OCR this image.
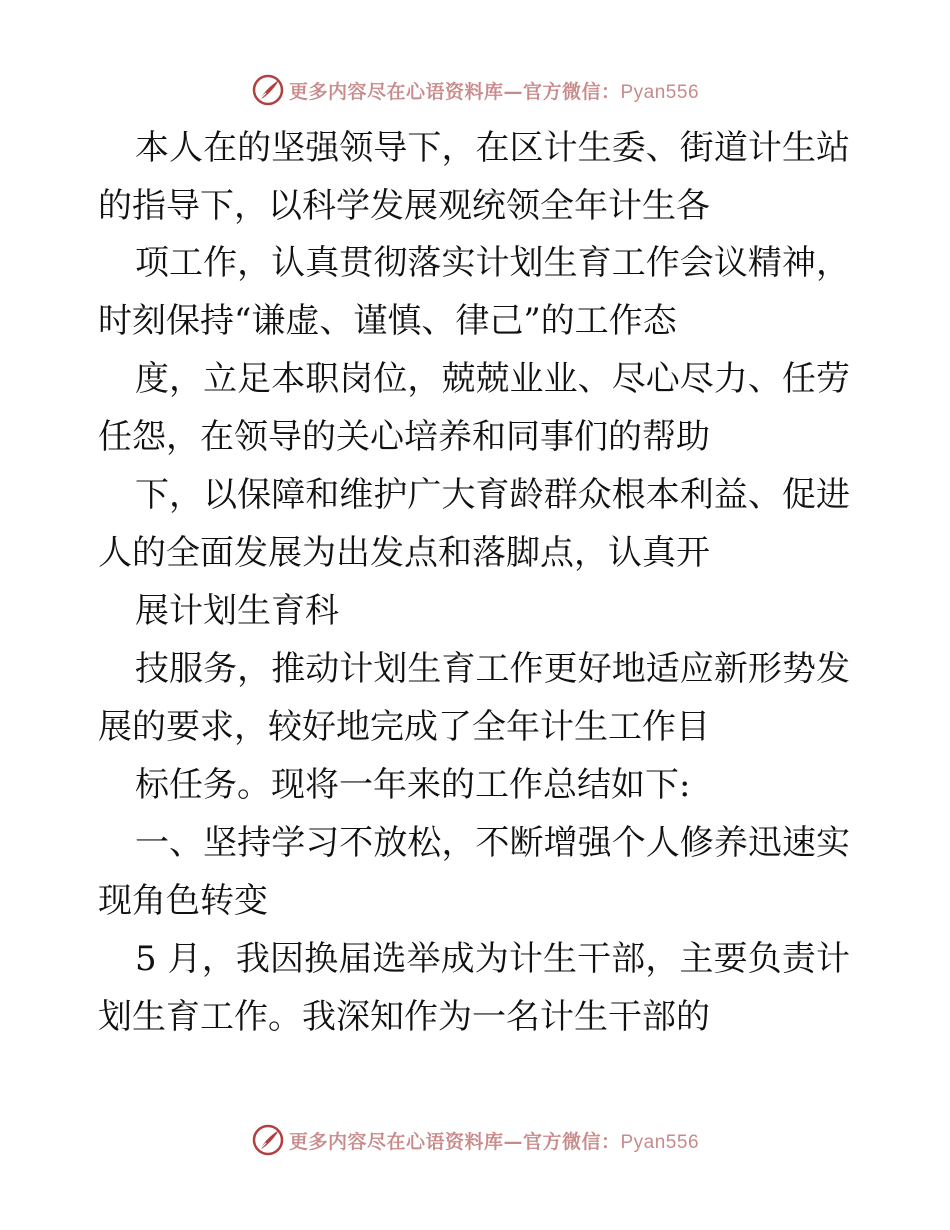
更多内容尽在心语资料库—官方微信：Pyan556
本人在的坚强领导下，在区计生委、街道计生站
的指导下，以科学发展观统领全年计生各
项工作，认真贯彻落实计划生育工作会议精神，
时刻保持“谦虚、谨慎、律己”的工作态
度，立足本职岗位，兢兢业业、尽心尽力、任劳
任怨，在领导的关心培养和同事们的帮助
下，以保障和维护广大育龄群众根本利益、促进
人的全面发展为出发点和落脚点，认真开
展计划生育科
技服务，推动计划生育工作更好地适应新形势发
展的要求，较好地完成了全年计生工作目
标任务。现将一年来的工作总结如下:
一、坚持学习不放松，不断增强个人修养迅速实
现角色转变
5 月，我因换届选举成为计生干部，主要负责计
划生育工作。我深知作为一名计生干部的
更多内容尽在心语资料库—官方微信：Pyan556
